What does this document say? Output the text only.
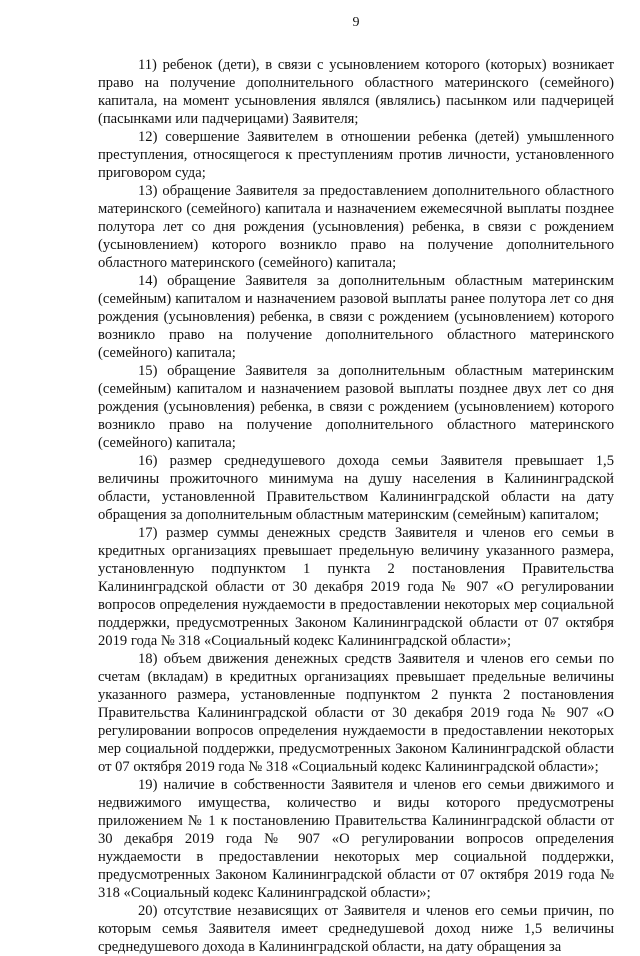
9

11) ребенок (дети), в связи с усыновлением которого (которых) возникает право на получение дополнительного областного материнского (семейного) капитала, на момент усыновления являлся (являлись) пасынком или падчерицей (пасынками или падчерицами) Заявителя;

12) совершение Заявителем в отношении ребенка (детей) умышленного преступления, относящегося к преступлениям против личности, установленного приговором суда;

13) обращение Заявителя за предоставлением дополнительного областного материнского (семейного) капитала и назначением ежемесячной выплаты позднее полутора лет со дня рождения (усыновления) ребенка, в связи с рождением (усыновлением) которого возникло право на получение дополнительного областного материнского (семейного) капитала;

14) обращение Заявителя за дополнительным областным материнским (семейным) капиталом и назначением разовой выплаты ранее полутора лет со дня рождения (усыновления) ребенка, в связи с рождением (усыновлением) которого возникло право на получение дополнительного областного материнского (семейного) капитала;

15) обращение Заявителя за дополнительным областным материнским (семейным) капиталом и назначением разовой выплаты позднее двух лет со дня рождения (усыновления) ребенка, в связи с рождением (усыновлением) которого возникло право на получение дополнительного областного материнского (семейного) капитала;

16) размер среднедушевого дохода семьи Заявителя превышает 1,5 величины прожиточного минимума на душу населения в Калининградской области, установленной Правительством Калининградской области на дату обращения за дополнительным областным материнским (семейным) капиталом;

17) размер суммы денежных средств Заявителя и членов его семьи в кредитных организациях превышает предельную величину указанного размера, установленную подпунктом 1 пункта 2 постановления Правительства Калининградской области от 30 декабря 2019 года № 907 «О регулировании вопросов определения нуждаемости в предоставлении некоторых мер социальной поддержки, предусмотренных Законом Калининградской области от 07 октября 2019 года № 318 «Социальный кодекс Калининградской области»;

18) объем движения денежных средств Заявителя и членов его семьи по счетам (вкладам) в кредитных организациях превышает предельные величины указанного размера, установленные подпунктом 2 пункта 2 постановления Правительства Калининградской области от 30 декабря 2019 года № 907 «О регулировании вопросов определения нуждаемости в предоставлении некоторых мер социальной поддержки, предусмотренных Законом Калининградской области от 07 октября 2019 года № 318 «Социальный кодекс Калининградской области»;

19) наличие в собственности Заявителя и членов его семьи движимого и недвижимого имущества, количество и виды которого предусмотрены приложением № 1 к постановлению Правительства Калининградской области от 30 декабря 2019 года № 907 «О регулировании вопросов определения нуждаемости в предоставлении некоторых мер социальной поддержки, предусмотренных Законом Калининградской области от 07 октября 2019 года № 318 «Социальный кодекс Калининградской области»;

20) отсутствие независящих от Заявителя и членов его семьи причин, по которым семья Заявителя имеет среднедушевой доход ниже 1,5 величины среднедушевого дохода в Калининградской области, на дату обращения за
